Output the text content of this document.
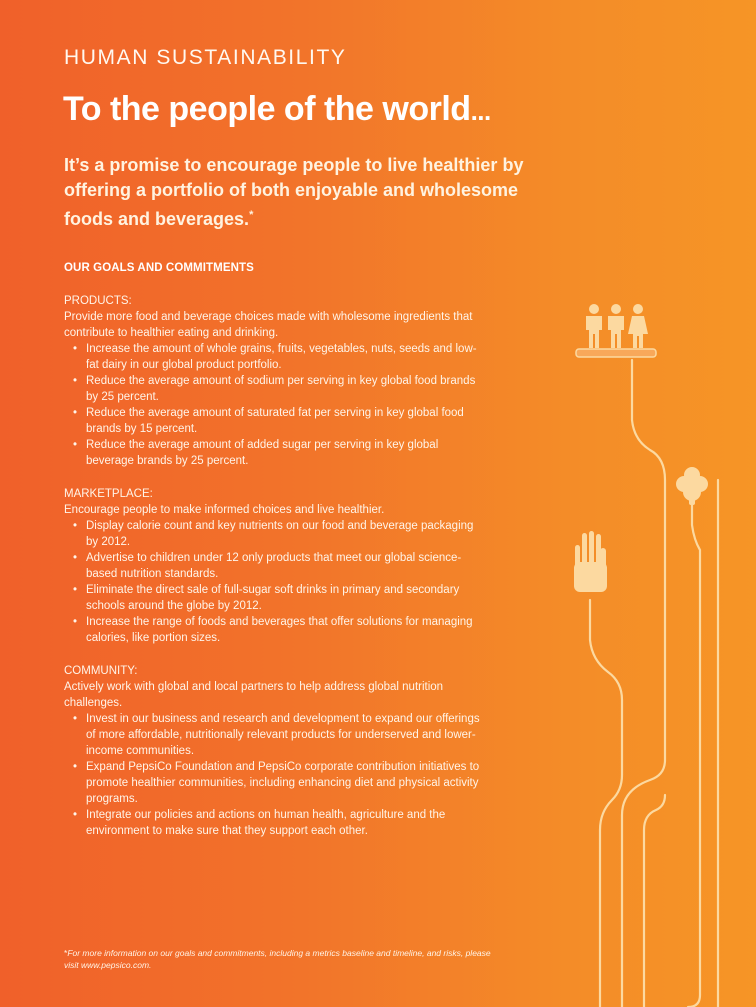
HUMAN SUSTAINABILITY
To the people of the world...

It’s a promise to encourage people to live healthier by offering a portfolio of both enjoyable and wholesome foods and beverages.*

OUR GOALS AND COMMITMENTS
PRODUCTS:
Provide more food and beverage choices made with wholesome ingredients that contribute to healthier eating and drinking.
• Increase the amount of whole grains, fruits, vegetables, nuts, seeds and low-fat dairy in our global product portfolio.
• Reduce the average amount of sodium per serving in key global food brands by 25 percent.
• Reduce the average amount of saturated fat per serving in key global food brands by 15 percent.
• Reduce the average amount of added sugar per serving in key global beverage brands by 25 percent.
MARKETPLACE:
Encourage people to make informed choices and live healthier.
• Display calorie count and key nutrients on our food and beverage packaging by 2012.
• Advertise to children under 12 only products that meet our global science-based nutrition standards.
• Eliminate the direct sale of full-sugar soft drinks in primary and secondary schools around the globe by 2012.
• Increase the range of foods and beverages that offer solutions for managing calories, like portion sizes.
COMMUNITY:
Actively work with global and local partners to help address global nutrition challenges.
• Invest in our business and research and development to expand our offerings of more affordable, nutritionally relevant products for underserved and lower-income communities.
• Expand PepsiCo Foundation and PepsiCo corporate contribution initiatives to promote healthier communities, including enhancing diet and physical activity programs.
• Integrate our policies and actions on human health, agriculture and the environment to make sure that they support each other.
*For more information on our goals and commitments, including a metrics baseline and timeline, and risks, please visit www.pepsico.com.
